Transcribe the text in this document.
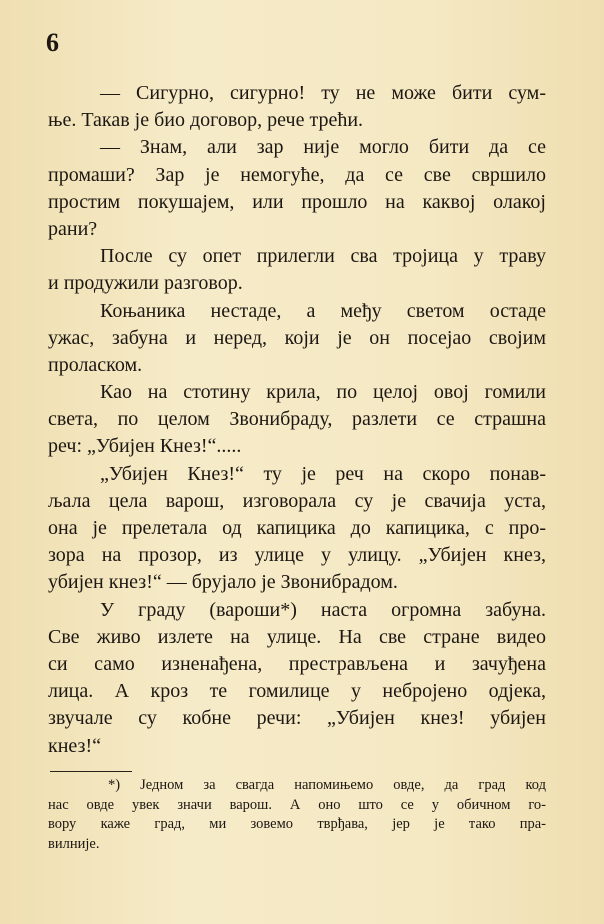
6
— Сигурно, сигурно! ту не може бити сум-
ње. Такав је био договор, рече трећи.
— Знам, али зар није могло бити да се
промаши? Зар је немогуће, да се све свршило
простим покушајем, или прошло на каквој олакој
рани?
После су опет прилегли сва тројица у траву
и продужили разговор.
Коњаника нестаде, а међу светом остаде
ужас, забуна и неред, који је он посејао својим
проласком.
Као на стотину крила, по целој овој гомили
света, по целом Звонибраду, разлети се страшна
реч: „Убијен Кнез!“.....
„Убијен Кнез!“ ту је реч на скоро понав-
љала цела варош, изговорала су је свачија уста,
она је прелетала од капицика до капицика, с про-
зора на прозор, из улице у улицу. „Убијен кнез,
убијен кнез!“ — брујало је Звонибрадом.
У граду (вароши*) наста огромна забуна.
Све живо излете на улице. На све стране видео
си само изненађена, престрављена и зачуђена
лица. А кроз те гомилице у небројено одјека,
звучале су кобне речи: „Убијен кнез! убијен
кнез!“
*) Једном за свагда напомињемо овде, да град код
нас овде увек значи варош. А оно што се у обичном го-
вору каже град, ми зовемо тврђава, јер је тако пра-
вилније.
